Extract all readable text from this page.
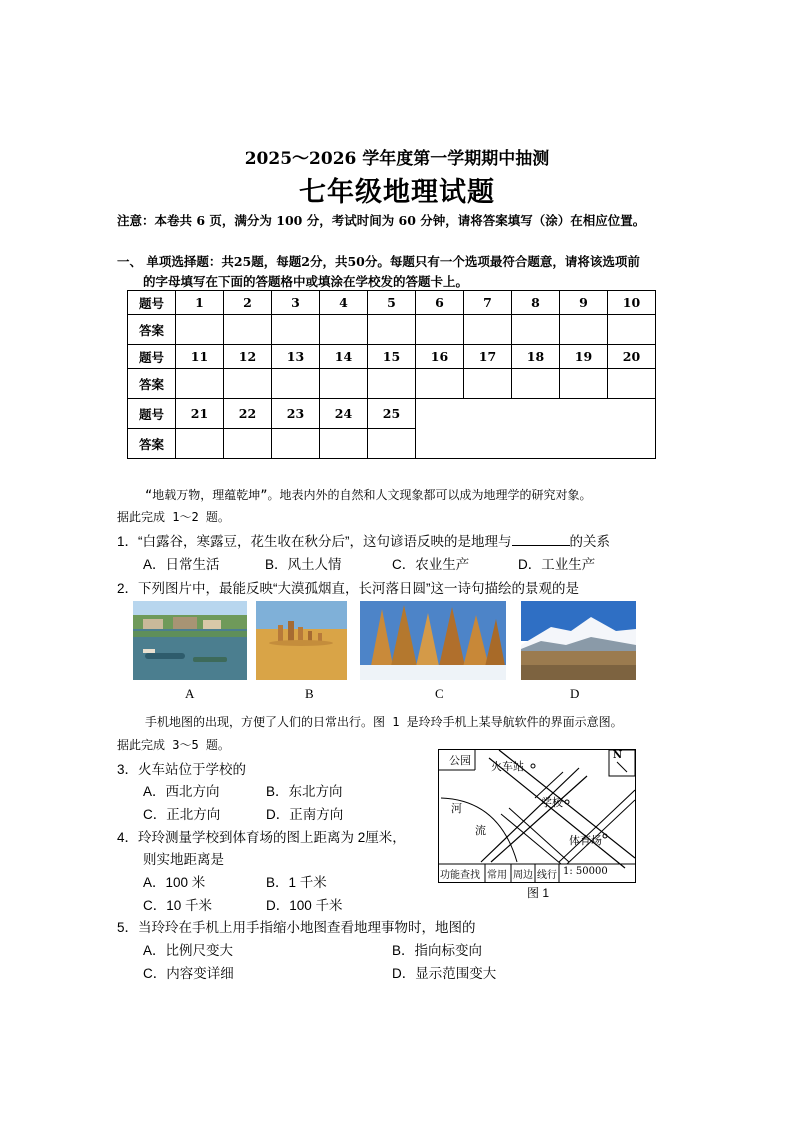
2025～2026 学年度第一学期期中抽测
七年级地理试题
注意：本卷共 6 页，满分为 100 分，考试时间为 60 分钟，请将答案填写（涂）在相应位置。
一、 单项选择题：共25题，每题2分，共50分。每题只有一个选项最符合题意，请将该选项前
的字母填写在下面的答题格中或填涂在学校发的答题卡上。
题号	1	2	3	4	5	6	7	8	9	10
答案										
题号	11	12	13	14	15	16	17	18	19	20
答案										
题号	21	22	23	24	25					
答案										
“地载万物，理蕴乾坤”。地表内外的自然和人文现象都可以成为地理学的研究对象。
据此完成 1～2 题。
1．“白露谷，寒露豆，花生收在秋分后”，这句谚语反映的是地理与	的关系
A．日常生活	B．风土人情	C．农业生产	D．工业生产
2．下列图片中，最能反映“大漠孤烟直，长河落日圆”这一诗句描绘的景观的是
A	B	C	D
手机地图的出现，方便了人们的日常出行。图 1 是玲玲手机上某导航软件的界面示意图。
据此完成 3～5 题。
3．火车站位于学校的
A．西北方向	B．东北方向
C．正北方向	D．正南方向
4．玲玲测量学校到体育场的图上距离为 2厘米，
则实地距离是
A．100 米	B．1 千米
C．10 千米	D．100 千米
5．当玲玲在手机上用手指缩小地图查看地理事物时，地图的
A．比例尺变大	B．指向标变向
C．内容变详细	D．显示范围变大
公园 火车站
学校
体育场
河
流
N
功能查找 常用 周边 线行 1: 50000
图 1
